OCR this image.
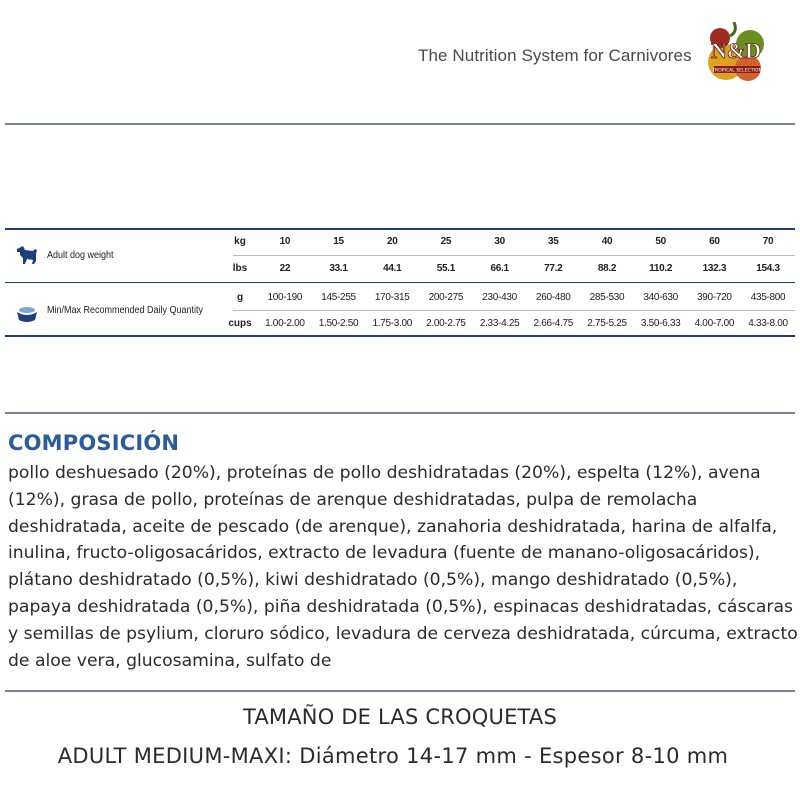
The Nutrition System for Carnivores N&D
TROPICAL SELECTION
Adult dog weight
kg	10	15	20	25	30	35	40	50	60	70
lbs	22	33.1	44.1	55.1	66.1	77.2	88.2	110.2	132.3	154.3
Min/Max Recommended Daily Quantity
g	100-190	145-255	170-315	200-275	230-430	260-480	285-530	340-630	390-720	435-800
cups	1.00-2.00	1.50-2.50	1.75-3.00	2.00-2.75	2.33-4.25	2.66-4.75	2.75-5.25	3.50-6.33	4.00-7.00	4.33-8.00
COMPOSICIÓN
pollo deshuesado (20%), proteínas de pollo deshidratadas (20%), espelta (12%), avena (12%), grasa de pollo, proteínas de arenque deshidratadas, pulpa de remolacha deshidratada, aceite de pescado (de arenque), zanahoria deshidratada, harina de alfalfa, inulina, fructo-oligosacáridos, extracto de levadura (fuente de manano-oligosacáridos), plátano deshidratado (0,5%), kiwi deshidratado (0,5%), mango deshidratado (0,5%), papaya deshidratada (0,5%), piña deshidratada (0,5%), espinacas deshidratadas, cáscaras y semillas de psylium, cloruro sódico, levadura de cerveza deshidratada, cúrcuma, extracto de aloe vera, glucosamina, sulfato de
TAMAÑO DE LAS CROQUETAS
ADULT MEDIUM-MAXI: Diámetro 14-17 mm - Espesor 8-10 mm
